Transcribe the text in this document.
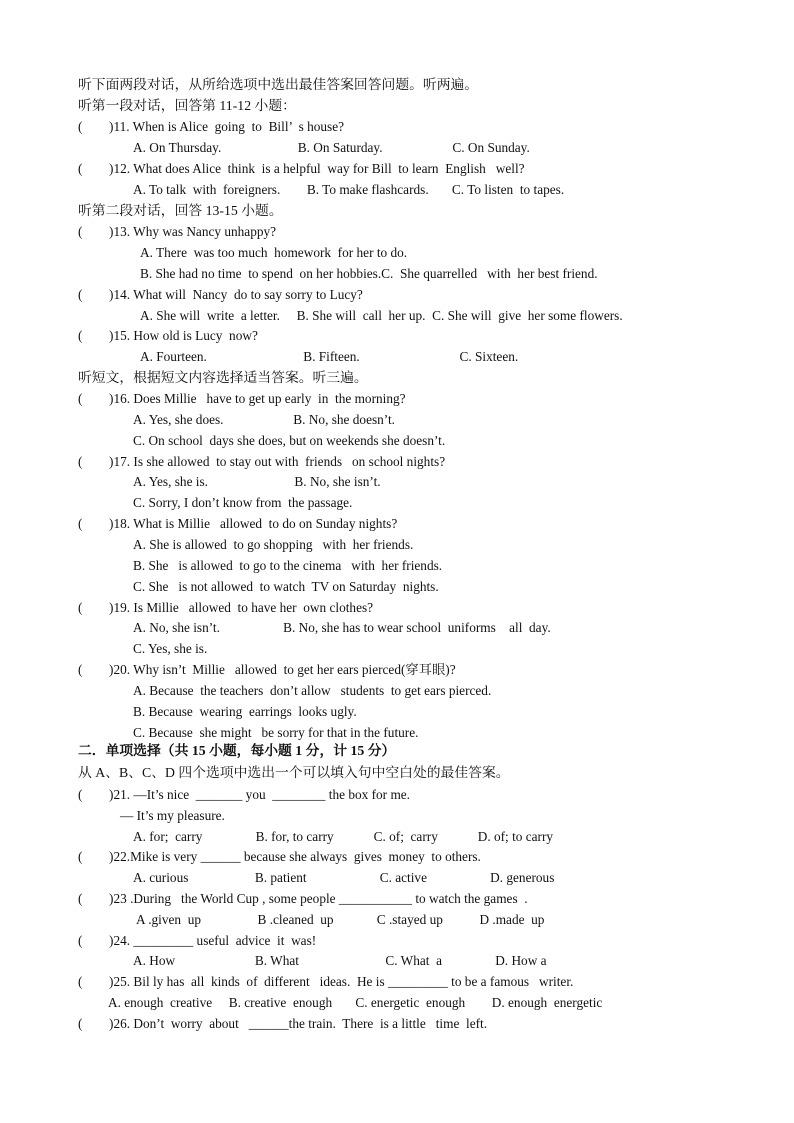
听下面两段对话，从所给选项中选出最佳答案回答问题。听两遍。
听第一段对话，回答第 11-12 小题：
(        )11. When is Alice  going  to  Bill’  s house?
A. On Thursday.                       B. On Saturday.                     C. On Sunday.
(        )12. What does Alice  think  is a helpful  way for Bill  to learn  English   well?
A. To talk  with  foreigners.        B. To make flashcards.       C. To listen  to tapes.
听第二段对话，回答 13-15 小题。
(        )13. Why was Nancy unhappy?
A. There  was too much  homework  for her to do.
B. She had no time  to spend  on her hobbies.C.  She quarrelled   with  her best friend.
(        )14. What will  Nancy  do to say sorry to Lucy?
A. She will  write  a letter.     B. She will  call  her up.  C. She will  give  her some flowers.
(        )15. How old is Lucy  now?
A. Fourteen.                             B. Fifteen.                              C. Sixteen.
听短文，根据短文内容选择适当答案。听三遍。
(        )16. Does Millie   have to get up early  in  the morning?
A. Yes, she does.                     B. No, she doesn’t.
C. On school  days she does, but on weekends she doesn’t.
(        )17. Is she allowed  to stay out with  friends   on school nights?
A. Yes, she is.                          B. No, she isn’t.
C. Sorry, I don’t know from  the passage.
(        )18. What is Millie   allowed  to do on Sunday nights?
A. She is allowed  to go shopping   with  her friends.
B. She   is allowed  to go to the cinema   with  her friends.
C. She   is not allowed  to watch  TV on Saturday  nights.
(        )19. Is Millie   allowed  to have her  own clothes?
A. No, she isn’t.                   B. No, she has to wear school  uniforms    all  day.
C. Yes, she is.
(        )20. Why isn’t  Millie   allowed  to get her ears pierced(穿耳眼)?
A. Because  the teachers  don’t allow   students  to get ears pierced.
B. Because  wearing  earrings  looks ugly.
C. Because  she might   be sorry for that in the future.
二．单项选择（共 15 小题，每小题 1 分，计 15 分）
从 A、B、C、D 四个选项中选出一个可以填入句中空白处的最佳答案。
(        )21. —It’s nice  _______ you  ________ the box for me.
— It’s my pleasure.
A. for;  carry                B. for, to carry            C. of;  carry            D. of; to carry
(        )22.Mike is very ______ because she always  gives  money  to others.
A. curious                    B. patient                      C. active                   D. generous
(        )23 .During   the World Cup , some people ___________ to watch the games  .
A .given  up                 B .cleaned  up             C .stayed up           D .made  up
(        )24. _________ useful  advice  it  was!
A. How                        B. What                          C. What  a                D. How a
(        )25. Bil ly has  all  kinds  of  different   ideas.  He is _________ to be a famous   writer.
A. enough  creative     B. creative  enough       C. energetic  enough        D. enough  energetic
(        )26. Don’t  worry  about   ______the train.  There  is a little   time  left.
